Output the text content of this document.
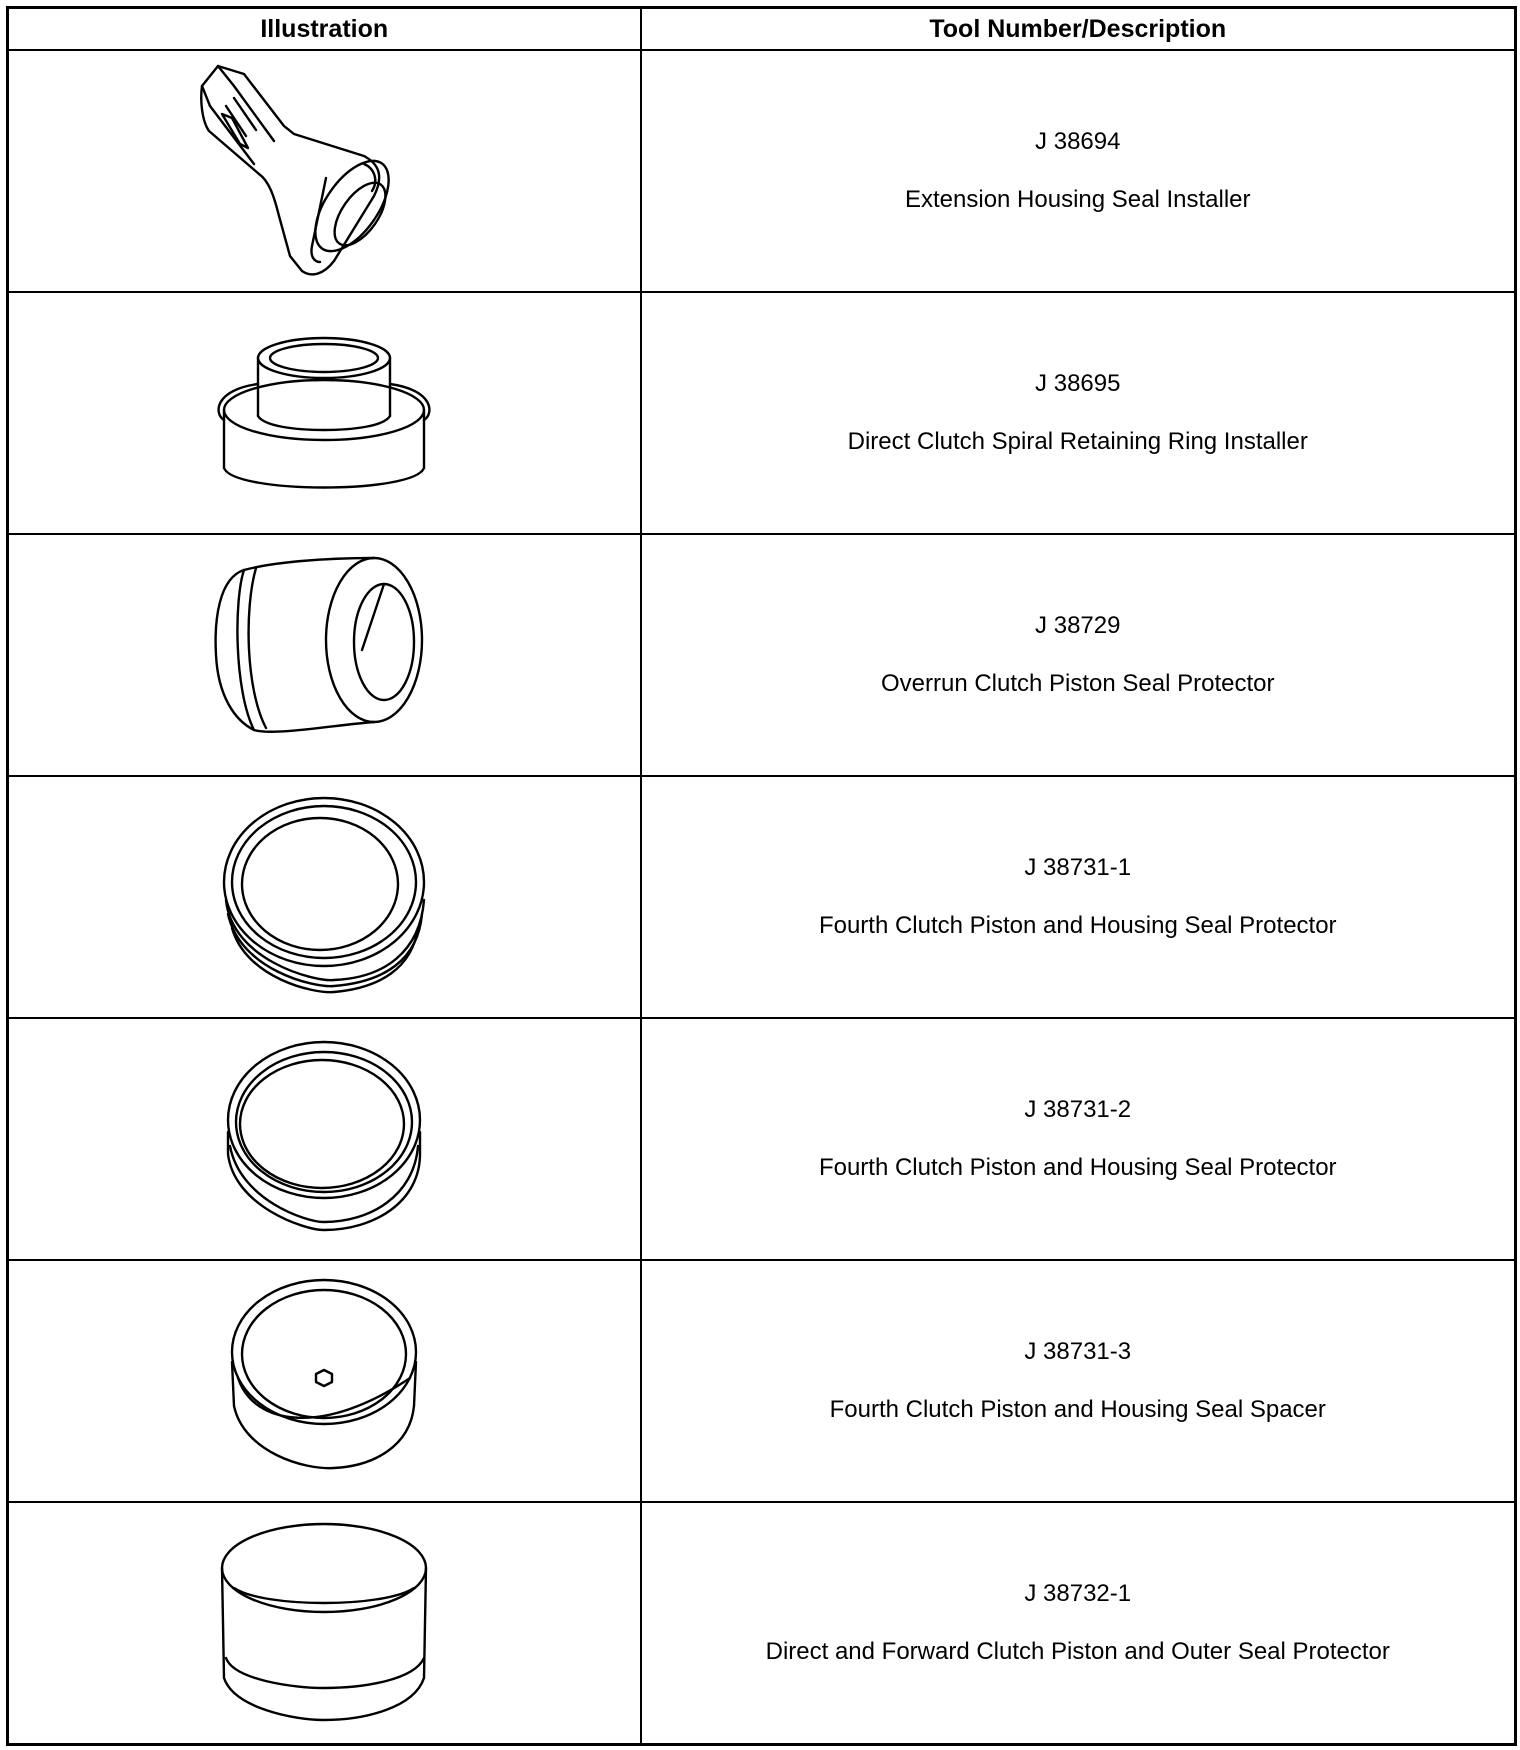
Illustration	Tool Number/Description

J 38694
Extension Housing Seal Installer

J 38695
Direct Clutch Spiral Retaining Ring Installer

J 38729
Overrun Clutch Piston Seal Protector

J 38731-1
Fourth Clutch Piston and Housing Seal Protector

J 38731-2
Fourth Clutch Piston and Housing Seal Protector

J 38731-3
Fourth Clutch Piston and Housing Seal Spacer

J 38732-1
Direct and Forward Clutch Piston and Outer Seal Protector
